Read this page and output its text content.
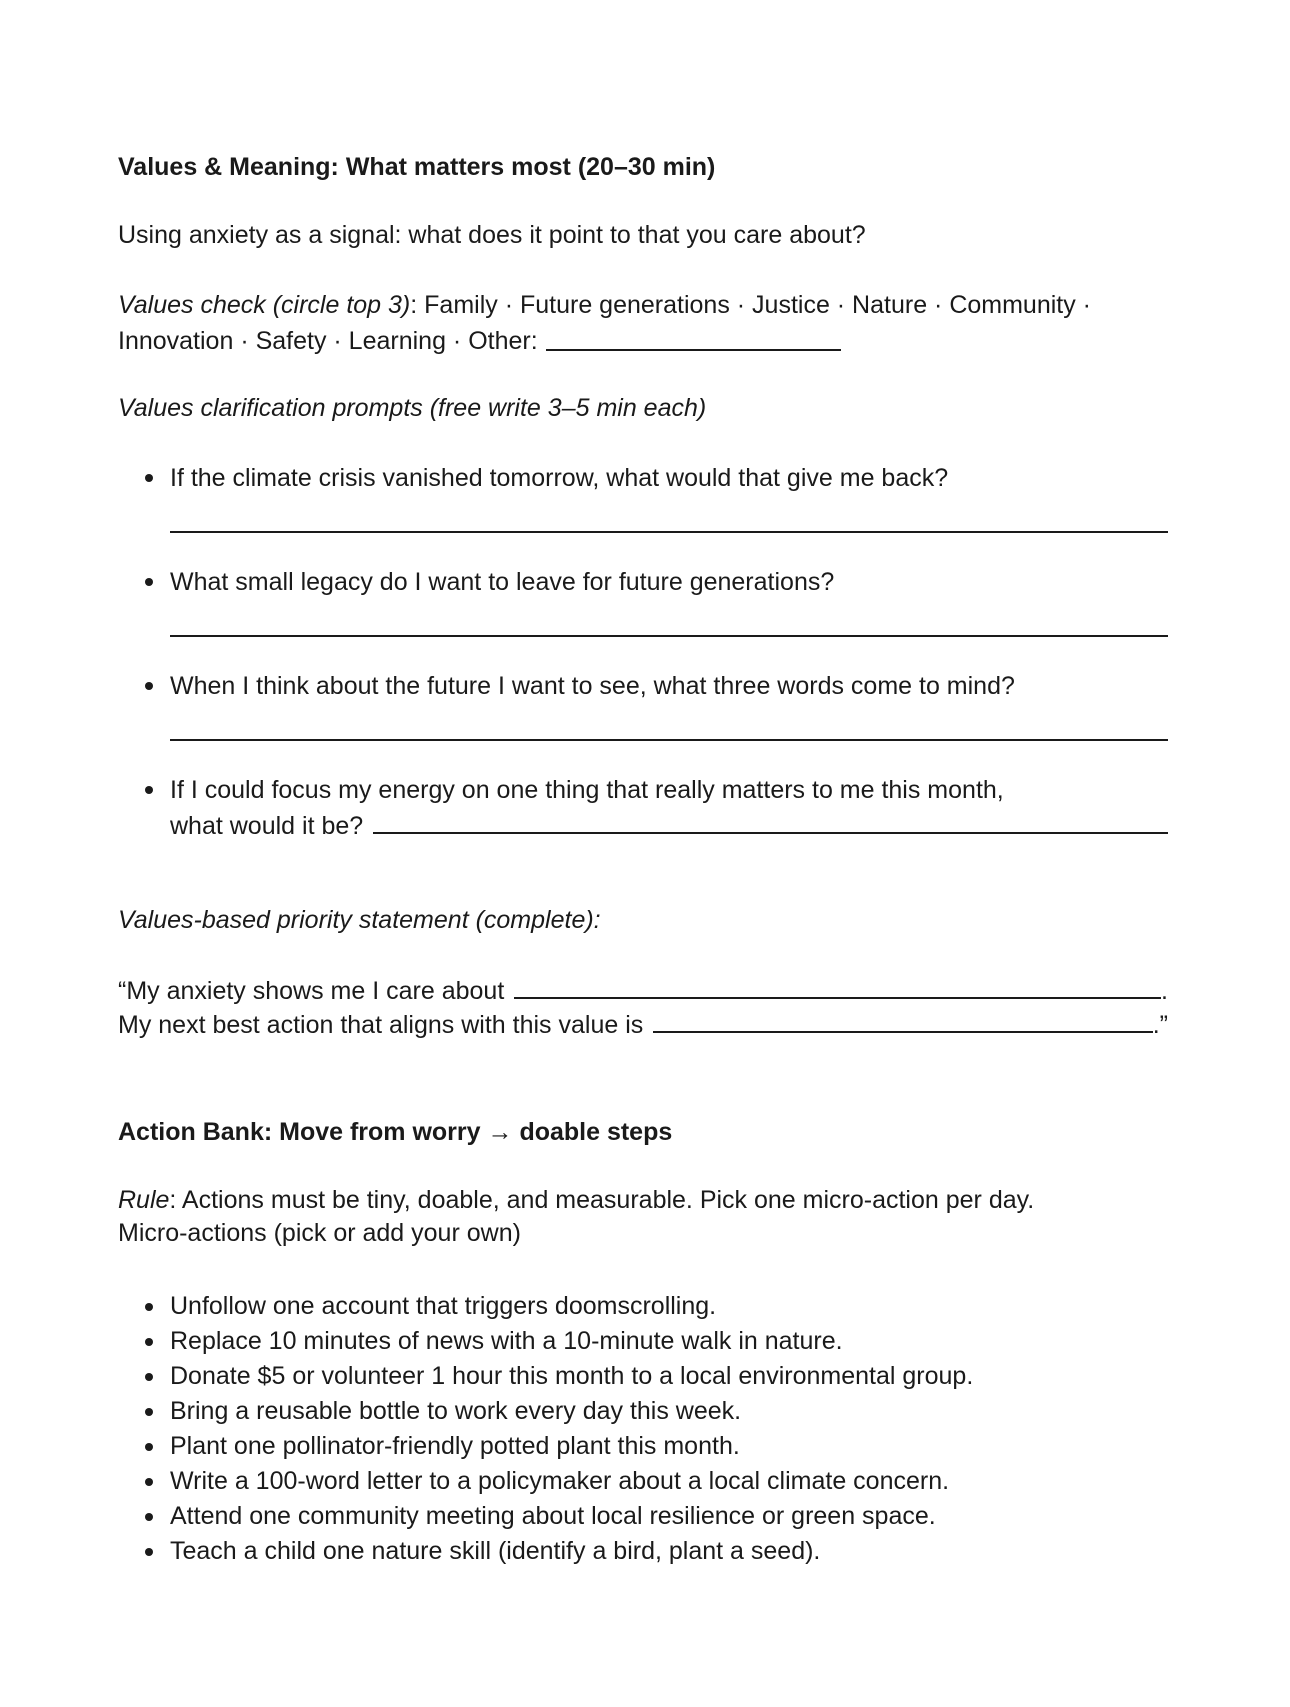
Values & Meaning: What matters most (20–30 min)

Using anxiety as a signal: what does it point to that you care about?

Values check (circle top 3): Family · Future generations · Justice · Nature · Community · Innovation · Safety · Learning · Other:

Values clarification prompts (free write 3–5 min each)

If the climate crisis vanished tomorrow, what would that give me back?

What small legacy do I want to leave for future generations?

When I think about the future I want to see, what three words come to mind?

If I could focus my energy on one thing that really matters to me this month,

what would it be?

Values-based priority statement (complete):

“My anxiety shows me I care about	.
My next best action that aligns with this value is	.”
Action Bank: Move from worry → doable steps
Rule: Actions must be tiny, doable, and measurable. Pick one micro-action per day.
Micro-actions (pick or add your own)
Unfollow one account that triggers doomscrolling.
Replace 10 minutes of news with a 10-minute walk in nature.
Donate $5 or volunteer 1 hour this month to a local environmental group.
Bring a reusable bottle to work every day this week.
Plant one pollinator-friendly potted plant this month.
Write a 100-word letter to a policymaker about a local climate concern.
Attend one community meeting about local resilience or green space.
Teach a child one nature skill (identify a bird, plant a seed).
